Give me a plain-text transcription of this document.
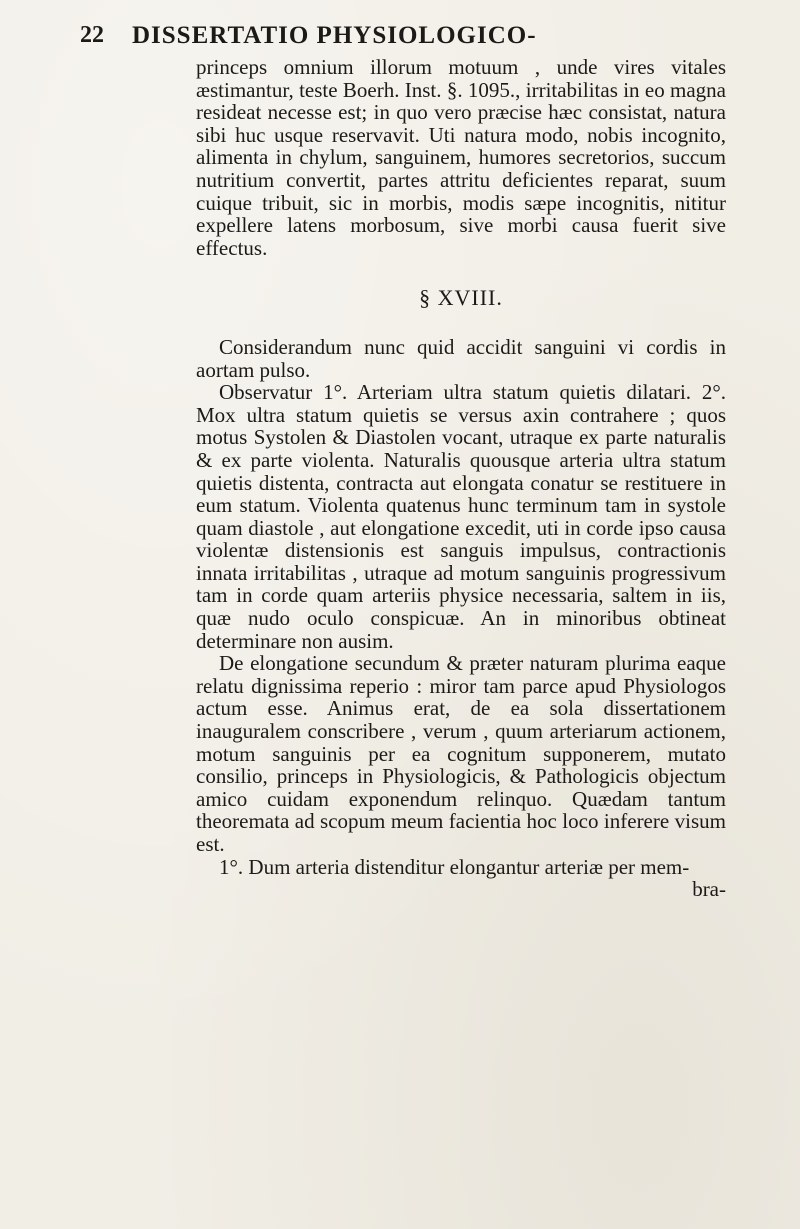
22 DISSERTATIO PHYSIOLOGICO-

princeps omnium illorum motuum , unde vires vitales æstimantur, teste Boerh. Inst. §. 1095., irritabilitas in eo magna resideat necesse est; in quo vero præcise hæc consistat, natura sibi huc usque reservavit. Uti natura modo, nobis incognito, alimenta in chylum, sanguinem, humores secretorios, succum nutritium convertit, partes attritu deficientes reparat, suum cuique tribuit, sic in morbis, modis sæpe incognitis, nititur expellere latens morbosum, sive morbi causa fuerit sive effectus.

§ XVIII.

Considerandum nunc quid accidit sanguini vi cordis in aortam pulso.

Observatur 1°. Arteriam ultra statum quietis dilatari. 2°. Mox ultra statum quietis se versus axin contrahere ; quos motus Systolen & Diastolen vocant, utraque ex parte naturalis & ex parte violenta. Naturalis quousque arteria ultra statum quietis distenta, contracta aut elongata conatur se restituere in eum statum. Violenta quatenus hunc terminum tam in systole quam diastole , aut elongatione excedit, uti in corde ipso causa violentæ distensionis est sanguis impulsus, contractionis innata irritabilitas , utraque ad motum sanguinis progressivum tam in corde quam arteriis physice necessaria, saltem in iis, quæ nudo oculo conspicuæ. An in minoribus obtineat determinare non ausim.

De elongatione secundum & præter naturam plurima eaque relatu dignissima reperio : miror tam parce apud Physiologos actum esse. Animus erat, de ea sola dissertationem inauguralem conscribere , verum , quum arteriarum actionem, motum sanguinis per ea cognitum supponerem, mutato consilio, princeps in Physiologicis, & Pathologicis objectum amico cuidam exponendum relinquo. Quædam tantum theoremata ad scopum meum facientia hoc loco inferere visum est.

1°. Dum arteria distenditur elongantur arteriæ per mem-

bra-
